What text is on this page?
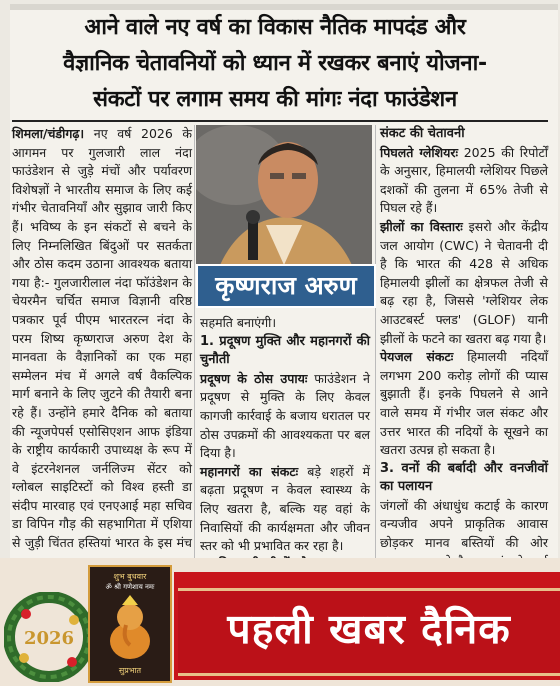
आने वाले नए वर्ष का विकास नैतिक मापदंड और
वैज्ञानिक चेतावनियों को ध्यान में रखकर बनाएं योजना-
संकटों पर लगाम समय की मांगः नंदा फाउंडेशन

शिमला/चंडीगढ़। नए वर्ष 2026 के आगमन पर गुलजारी लाल नंदा फाउंडेशन से जुड़े मंचों और पर्यावरण विशेषज्ञों ने भारतीय समाज के लिए कई गंभीर चेतावनियाँ और सुझाव जारी किए हैं। भविष्य के इन संकटों से बचने के लिए निम्नलिखित बिंदुओं पर सतर्कता और ठोस कदम उठाना आवश्यक बताया गया है:- गुलजारीलाल नंदा फॉउंडेशन के चेयरमैन चर्चित समाज विज्ञानी वरिष्ठ पत्रकार पूर्व पीएम भारतरत्न नंदा के परम शिष्य कृष्णराज अरुण देश के मानवता के वैज्ञानिकों का एक महा सम्मेलन मंच में अगले वर्ष वैकल्पिक मार्ग बनाने के लिए जुटने की तैयारी बना रहे हैं। उन्होंने हमारे दैनिक को बताया की न्यूजपेपर्स एसोसिएशन आफ इंडिया के राष्ट्रीय कार्यकारी उपाध्यक्ष के रूप में वे इंटरनेशनल जर्नलिज्म सेंटर को ग्लोबल साइटिस्टों को विश्व हस्ती डा संदीप मारवाह एवं एनएआई महा सचिव डा विपिन गौड़ की सहभागिता में एशिया से जुड़ी चिंतत हस्तियां भारत के इस मंच

कृष्णराज अरुण

सहमति बनाएंगी।

1. प्रदूषण मुक्ति और महानगरों की चुनौती

प्रदूषण के ठोस उपायः फाउंडेशन ने प्रदूषण से मुक्ति के लिए केवल कागजी कार्रवाई के बजाय धरातल पर ठोस उपक्रमों की आवश्यकता पर बल दिया है।

महानगरों का संकटः बड़े शहरों में बढ़ता प्रदूषण न केवल स्वास्थ्य के लिए खतरा है, बल्कि यह वहां के निवासियों की कार्यक्षमता और जीवन स्तर को भी प्रभावित कर रहा है।

संकट की चेतावनी

पिघलते ग्लेशियरः 2025 की रिपोर्टों के अनुसार, हिमालयी ग्लेशियर पिछले दशकों की तुलना में 65% तेजी से पिघल रहे हैं।

झीलों का विस्तारः इसरो और केंद्रीय जल आयोग (CWC) ने चेतावनी दी है कि भारत की 428 से अधिक हिमालयी झीलों का क्षेत्रफल तेजी से बढ़ रहा है, जिससे 'ग्लेशियर लेक आउटबर्स्ट फ्लड' (GLOF) यानी झीलों के फटने का खतरा बढ़ गया है।

पेयजल संकटः हिमालयी नदियाँ लगभग 200 करोड़ लोगों की प्यास बुझाती हैं। इनके पिघलने से आने वाले समय में गंभीर जल संकट और उत्तर भारत की नदियों के सूखने का खतरा उत्पन्न हो सकता है।

3. वनों की बर्बादी और वनजीवों का पलायन

जंगलों की अंधाधुंध कटाई के कारण वन्यजीव अपने प्राकृतिक आवास छोड़कर मानव बस्तियों की ओर

2026
शुभ बुधवार
ॐ श्री गणेशाय नमः
सुप्रभात
पहली खबर दैनिक
